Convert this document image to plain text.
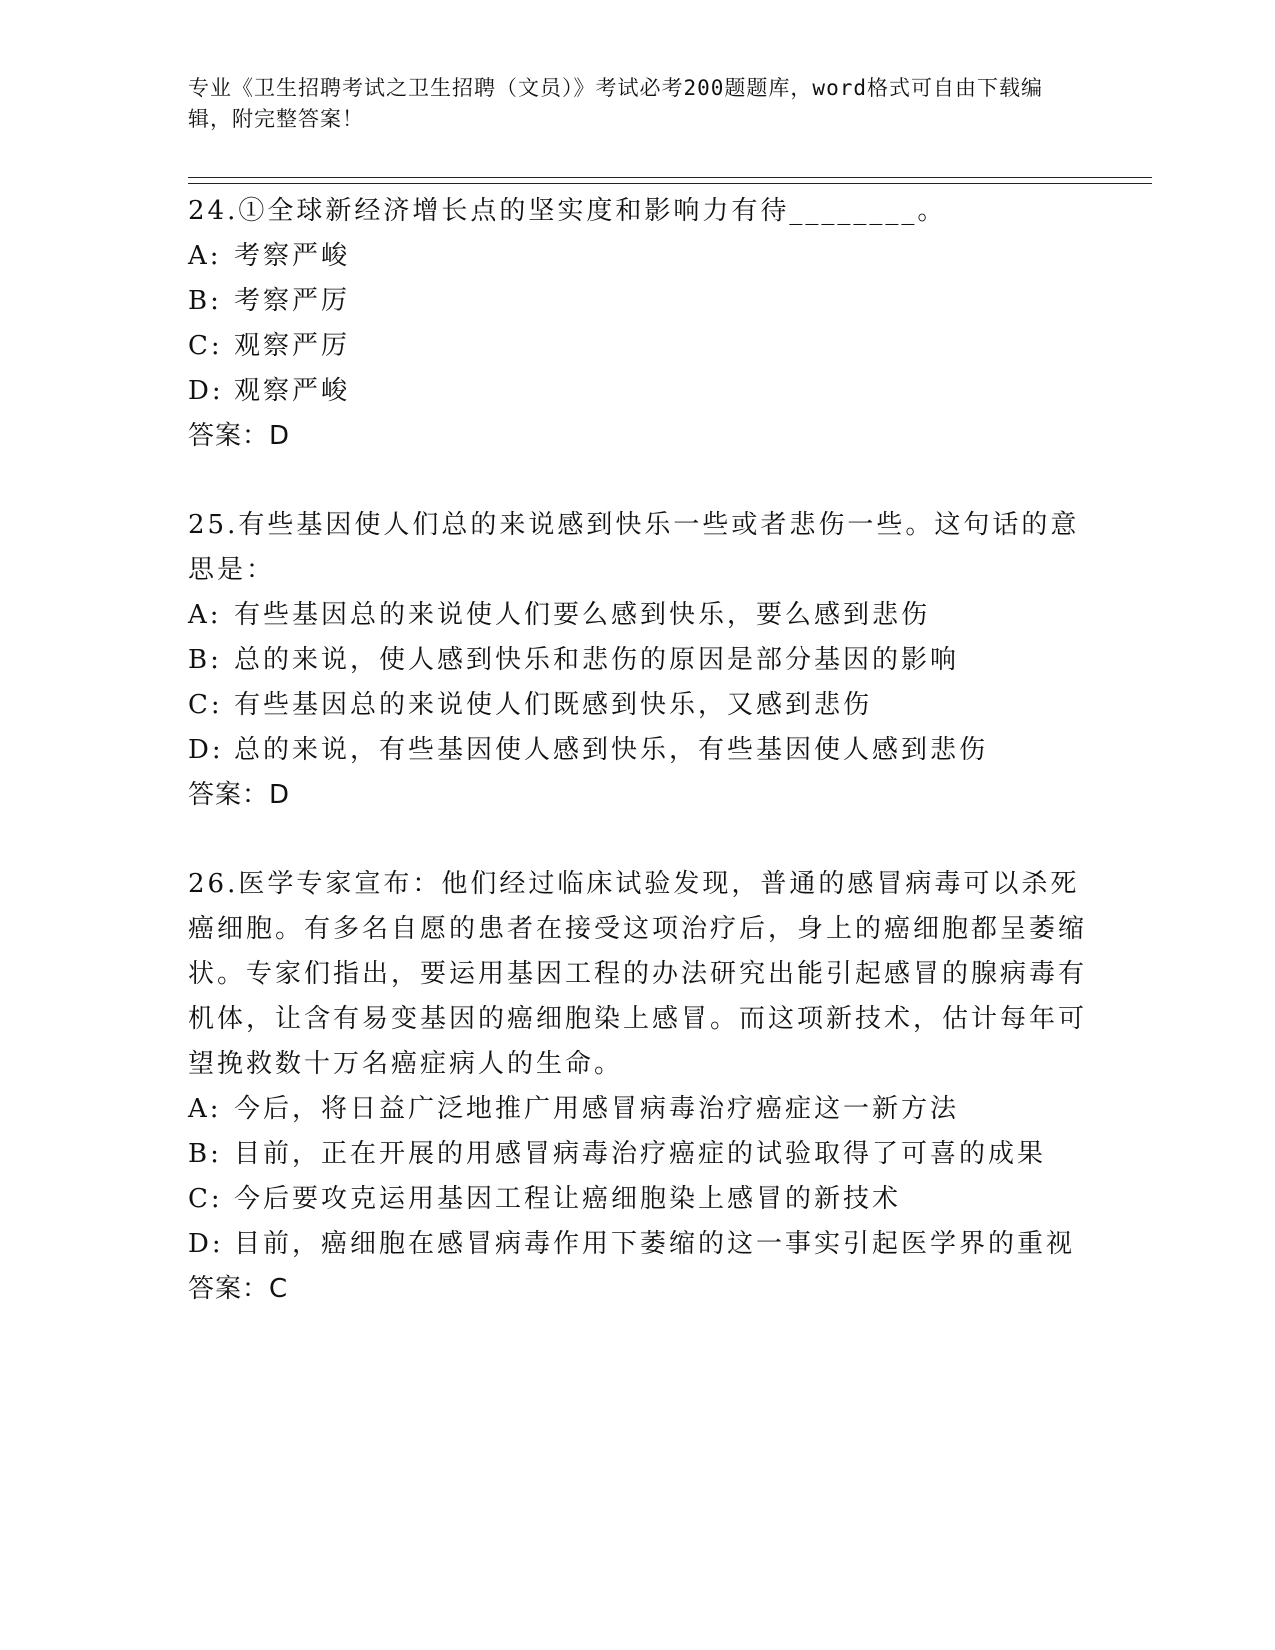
专业《卫生招聘考试之卫生招聘（文员）》考试必考200题题库，word格式可自由下载编辑，附完整答案！
24.①全球新经济增长点的坚实度和影响力有待________。
A: 考察严峻
B: 考察严厉
C: 观察严厉
D: 观察严峻
答案：D
25.有些基因使人们总的来说感到快乐一些或者悲伤一些。这句话的意思是：
A: 有些基因总的来说使人们要么感到快乐，要么感到悲伤
B: 总的来说，使人感到快乐和悲伤的原因是部分基因的影响
C: 有些基因总的来说使人们既感到快乐，又感到悲伤
D: 总的来说，有些基因使人感到快乐，有些基因使人感到悲伤
答案：D
26.医学专家宣布：他们经过临床试验发现，普通的感冒病毒可以杀死癌细胞。有多名自愿的患者在接受这项治疗后，身上的癌细胞都呈萎缩状。专家们指出，要运用基因工程的办法研究出能引起感冒的腺病毒有机体，让含有易变基因的癌细胞染上感冒。而这项新技术，估计每年可望挽救数十万名癌症病人的生命。
A: 今后，将日益广泛地推广用感冒病毒治疗癌症这一新方法
B: 目前，正在开展的用感冒病毒治疗癌症的试验取得了可喜的成果
C: 今后要攻克运用基因工程让癌细胞染上感冒的新技术
D: 目前，癌细胞在感冒病毒作用下萎缩的这一事实引起医学界的重视
答案：C
